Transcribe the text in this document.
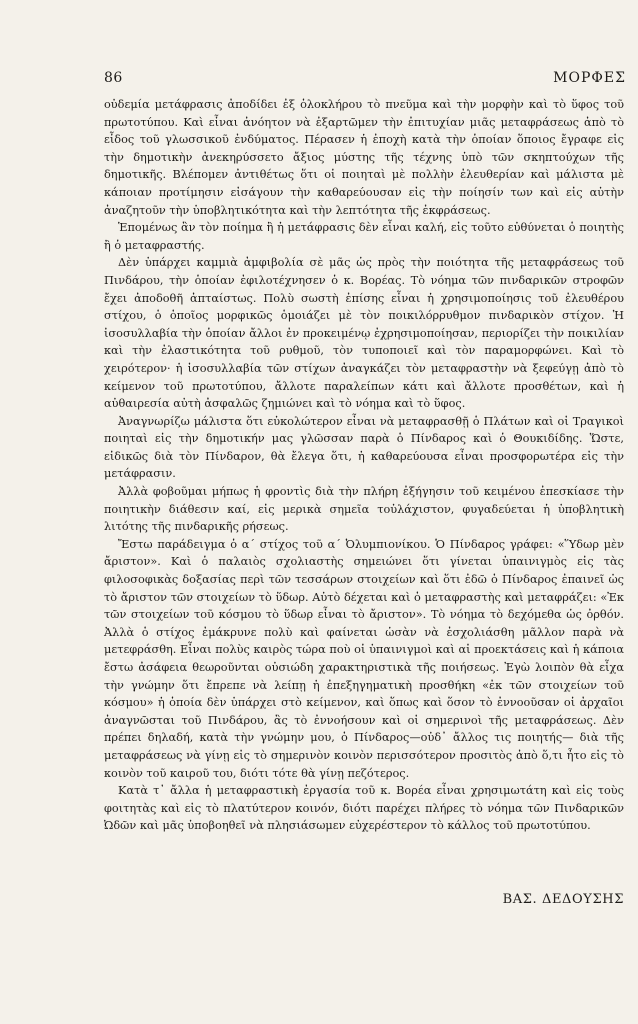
86	ΜΟΡΦΕΣ

οὐδεμία μετάφρασις ἀποδίδει ἐξ ὁλοκλήρου τὸ πνεῦμα καὶ τὴν μορφὴν καὶ τὸ ὕφος τοῦ πρωτοτύπου. Καὶ εἶναι ἀνόητον νὰ ἐξαρτῶμεν τὴν ἐπιτυχίαν μιᾶς μεταφράσεως ἀπὸ τὸ εἶδος τοῦ γλωσσικοῦ ἐνδύματος. Πέρασεν ἡ ἐποχὴ κατὰ τὴν ὁποίαν ὅποιος ἔγραφε εἰς τὴν δημοτικὴν ἀνεκηρύσσετο ἄξιος μύστης τῆς τέχνης ὑπὸ τῶν σκηπτούχων τῆς δημοτικῆς. Βλέπομεν ἀντιθέτως ὅτι οἱ ποιηταὶ μὲ πολλὴν ἐλευθερίαν καὶ μάλιστα μὲ κάποιαν προτίμησιν εἰσάγουν τὴν καθαρεύουσαν εἰς τὴν ποίησίν των καὶ εἰς αὐτὴν ἀναζητοῦν τὴν ὑποβλητικότητα καὶ τὴν λεπτότητα τῆς ἐκφράσεως.

Ἑπομένως ἂν τὸν ποίημα ἢ ἡ μετάφρασις δὲν εἶναι καλή, εἰς τοῦτο εὐθύνεται ὁ ποιητὴς ἢ ὁ μεταφραστής.

Δὲν ὑπάρχει καμμιὰ ἀμφιβολία σὲ μᾶς ὡς πρὸς τὴν ποιότητα τῆς μεταφράσεως τοῦ Πινδάρου, τὴν ὁποίαν ἐφιλοτέχνησεν ὁ κ. Βορέας. Τὸ νόημα τῶν πινδαρικῶν στροφῶν ἔχει ἀποδοθῆ ἀπταίστως. Πολὺ σωστὴ ἐπίσης εἶναι ἡ χρησιμοποίησις τοῦ ἐλευθέρου στίχου, ὁ ὁποῖος μορφικῶς ὁμοιάζει μὲ τὸν ποικιλόρρυθμον πινδαρικὸν στίχον. Ἡ ἰσοσυλλαβία τὴν ὁποίαν ἄλλοι ἐν προκειμένῳ ἐχρησιμοποίησαν, περιορίζει τὴν ποικιλίαν καὶ τὴν ἐλαστικότητα τοῦ ρυθμοῦ, τὸν τυποποιεῖ καὶ τὸν παραμορφώνει. Καὶ τὸ χειρότερον· ἡ ἰσοσυλλαβία τῶν στίχων ἀναγκάζει τὸν μεταφραστὴν νὰ ξεφεύγῃ ἀπὸ τὸ κείμενον τοῦ πρωτοτύπου, ἄλλοτε παραλείπων κάτι καὶ ἄλλοτε προσθέτων, καὶ ἡ αὐθαιρεσία αὐτὴ ἀσφαλῶς ζημιώνει καὶ τὸ νόημα καὶ τὸ ὕφος.

Ἀναγνωρίζω μάλιστα ὅτι εὐκολώτερον εἶναι νὰ μεταφρασθῇ ὁ Πλάτων καὶ οἱ Τραγικοὶ ποιηταὶ εἰς τὴν δημοτικήν μας γλῶσσαν παρὰ ὁ Πίνδαρος καὶ ὁ Θουκιδίδης. Ὥστε, εἰδικῶς διὰ τὸν Πίνδαρον, θὰ ἔλεγα ὅτι, ἡ καθαρεύουσα εἶναι προσφορωτέρα εἰς τὴν μετάφρασιν.

Ἀλλὰ φοβοῦμαι μήπως ἡ φροντὶς διὰ τὴν πλήρη ἐξήγησιν τοῦ κειμένου ἐπεσκίασε τὴν ποιητικὴν διάθεσιν καί, εἰς μερικὰ σημεῖα τοὐλάχιστον, φυγαδεύεται ἡ ὑποβλητικὴ λιτότης τῆς πινδαρικῆς ρήσεως.

Ἔστω παράδειγμα ὁ α΄ στίχος τοῦ α΄ Ὀλυμπιονίκου. Ὁ Πίνδαρος γράφει: «Ὕδωρ μὲν ἄριστον». Καὶ ὁ παλαιὸς σχολιαστὴς σημειώνει ὅτι γίνεται ὑπαινιγμὸς εἰς τὰς φιλοσοφικὰς δοξασίας περὶ τῶν τεσσάρων στοιχείων καὶ ὅτι ἐδῶ ὁ Πίνδαρος ἐπαινεῖ ὡς τὸ ἄριστον τῶν στοιχείων τὸ ὕδωρ. Αὐτὸ δέχεται καὶ ὁ μεταφραστὴς καὶ μεταφράζει: «Ἐκ τῶν στοιχείων τοῦ κόσμου τὸ ὕδωρ εἶναι τὸ ἄριστον». Τὸ νόημα τὸ δεχόμεθα ὡς ὀρθόν. Ἀλλὰ ὁ στίχος ἐμάκρυνε πολὺ καὶ φαίνεται ὡσὰν νὰ ἐσχολιάσθη μᾶλλον παρὰ νὰ μετεφράσθη. Εἶναι πολὺς καιρὸς τώρα ποὺ οἱ ὑπαινιγμοὶ καὶ αἱ προεκτάσεις καὶ ἡ κάποια ἔστω ἀσάφεια θεωροῦνται οὐσιώδη χαρακτηριστικὰ τῆς ποιήσεως. Ἐγὼ λοιπὸν θὰ εἶχα τὴν γνώμην ὅτι ἔπρεπε νὰ λείπῃ ἡ ἐπεξηγηματικὴ προσθήκη «ἐκ τῶν στοιχείων τοῦ κόσμου» ἡ ὁποία δὲν ὑπάρχει στὸ κείμενον, καὶ ὅπως καὶ ὅσον τὸ ἐννοοῦσαν οἱ ἀρχαῖοι ἀναγνῶσται τοῦ Πινδάρου, ἂς τὸ ἐννοήσουν καὶ οἱ σημερινοὶ τῆς μεταφράσεως. Δὲν πρέπει δηλαδή, κατὰ τὴν γνώμην μου, ὁ Πίνδαρος—οὐδ᾿ ἄλλος τις ποιητής— διὰ τῆς μεταφράσεως νὰ γίνῃ εἰς τὸ σημερινὸν κοινὸν περισσότερον προσιτὸς ἀπὸ ὅ,τι ἦτο εἰς τὸ κοινὸν τοῦ καιροῦ του, διότι τότε θὰ γίνῃ πεζότερος.

Κατὰ τ᾿ ἄλλα ἡ μεταφραστικὴ ἐργασία τοῦ κ. Βορέα εἶναι χρησιμωτάτη καὶ εἰς τοὺς φοιτητὰς καὶ εἰς τὸ πλατύτερον κοινόν, διότι παρέχει πλήρες τὸ νόημα τῶν Πινδαρικῶν Ὠδῶν καὶ μᾶς ὑποβοηθεῖ νὰ πλησιάσωμεν εὐχερέστερον τὸ κάλλος τοῦ πρωτοτύπου.

ΒΑΣ. ΔΕΔΟΥΣΗΣ
